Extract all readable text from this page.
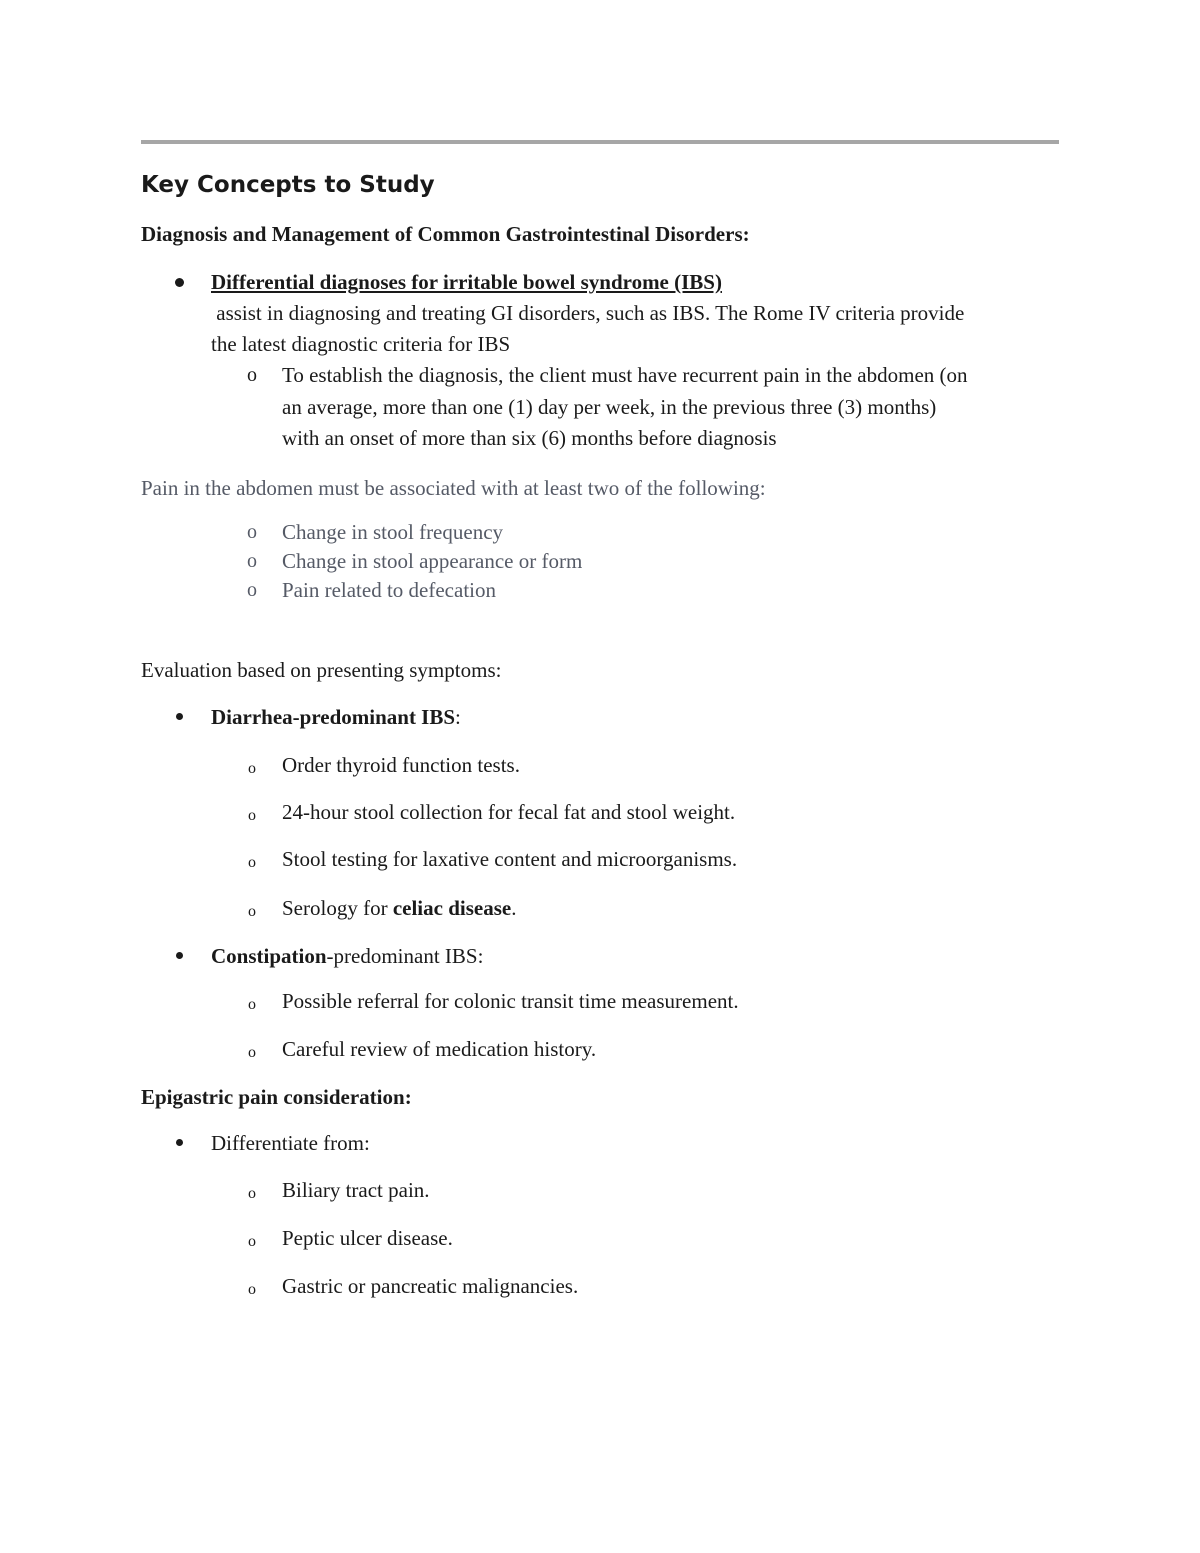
Key Concepts to Study
Diagnosis and Management of Common Gastrointestinal Disorders:
Differential diagnoses for irritable bowel syndrome (IBS)
assist in diagnosing and treating GI disorders, such as IBS. The Rome IV criteria provide
the latest diagnostic criteria for IBS
o To establish the diagnosis, the client must have recurrent pain in the abdomen (on
an average, more than one (1) day per week, in the previous three (3) months)
with an onset of more than six (6) months before diagnosis
Pain in the abdomen must be associated with at least two of the following:
o Change in stool frequency
o Change in stool appearance or form
o Pain related to defecation
Evaluation based on presenting symptoms:
Diarrhea-predominant IBS:
o Order thyroid function tests.
o 24-hour stool collection for fecal fat and stool weight.
o Stool testing for laxative content and microorganisms.
o Serology for celiac disease.
Constipation-predominant IBS:
o Possible referral for colonic transit time measurement.
o Careful review of medication history.
Epigastric pain consideration:
Differentiate from:
o Biliary tract pain.
o Peptic ulcer disease.
o Gastric or pancreatic malignancies.
